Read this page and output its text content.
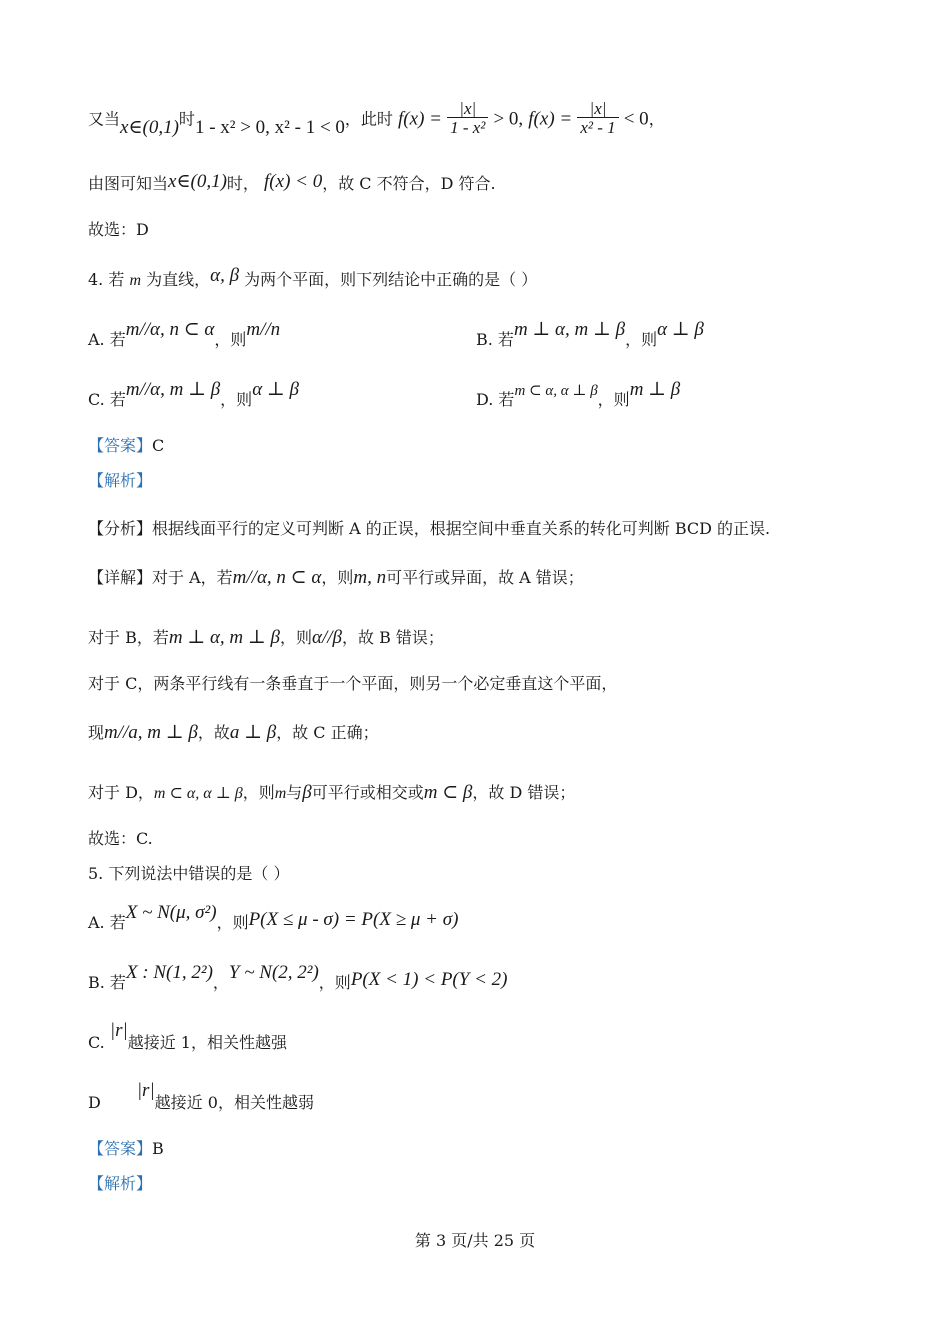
又当x∈(0,1)时1 - x² > 0, x² - 1 < 0，此时 $f(x) = \frac{|x|}{\text{1 - x²}} > 0$, $f(x) = \frac{|x|}{\text{x² - 1}} < 0$，
由图可知当x∈(0,1)时， f(x) < 0，故 C 不符合，D 符合.
故选：D
4. 若 m 为直线，α, β 为两个平面，则下列结论中正确的是（ ）
A. 若m//α, n ⊂ α，则m//n	B. 若m ⊥ α, m ⊥ β，则α ⊥ β
C. 若m//α, m ⊥ β，则α ⊥ β	D. 若m ⊂ α, α ⊥ β，则m ⊥ β
【答案】C
【解析】
【分析】根据线面平行的定义可判断 A 的正误，根据空间中垂直关系的转化可判断 BCD 的正误.
【详解】对于 A，若m//α, n ⊂ α，则m, n可平行或异面，故 A 错误；
对于 B，若m ⊥ α, m ⊥ β，则α//β，故 B 错误；
对于 C，两条平行线有一条垂直于一个平面，则另一个必定垂直这个平面，
现m//a, m ⊥ β，故a ⊥ β，故 C 正确；
对于 D，m ⊂ α, α ⊥ β，则m与β可平行或相交或m ⊂ β，故 D 错误；
故选：C.
5. 下列说法中错误的是（ ）
A. 若X ~ N(μ, σ²)，则P(X ≤ μ - σ) = P(X ≥ μ + σ)
B. 若X : N(1, 2²)，Y ~ N(2, 2²)，则P(X < 1) < P(Y < 2)
C. |r|越接近 1，相关性越强
D|r|越接近 0，相关性越弱
【答案】B
【解析】
第 3 页/共 25 页
